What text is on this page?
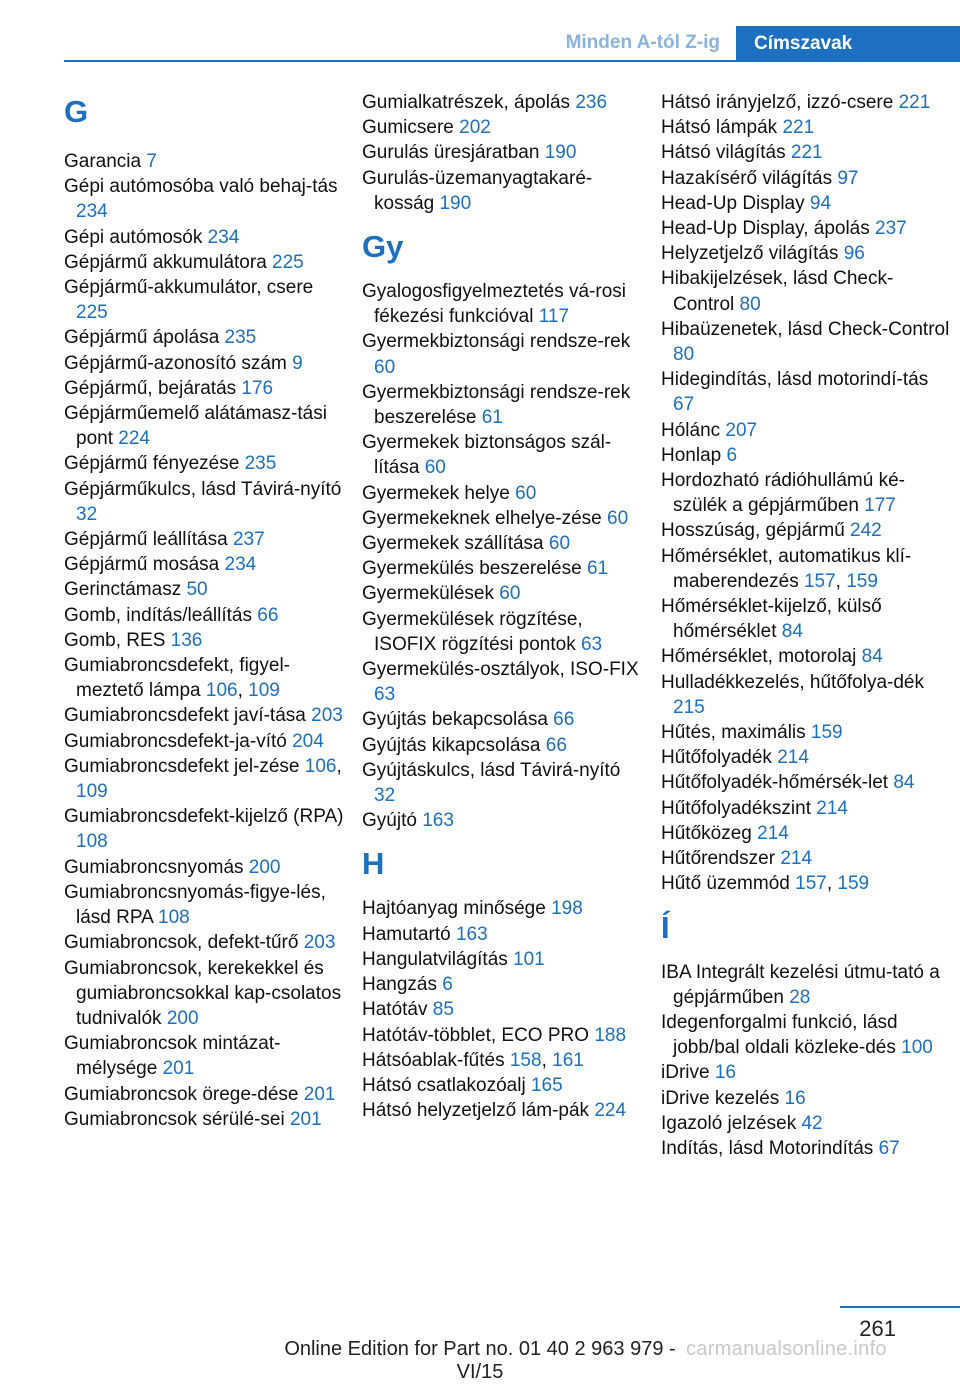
Minden A-tól Z-ig	Címszavak
G
Garancia 7
Gépi autómosóba való behaj-tás 234
Gépi autómosók 234
Gépjármű akkumulátora 225
Gépjármű-akkumulátor, csere 225
Gépjármű ápolása 235
Gépjármű-azonosító szám 9
Gépjármű, bejáratás 176
Gépjárműemelő alátámasz-tási pont 224
Gépjármű fényezése 235
Gépjárműkulcs, lásd Távirá-nyító 32
Gépjármű leállítása 237
Gépjármű mosása 234
Gerinctámasz 50
Gomb, indítás/leállítás 66
Gomb, RES 136
Gumiabroncsdefekt, figyel-meztető lámpa 106, 109
Gumiabroncsdefekt javí-tása 203
Gumiabroncsdefekt-ja-vító 204
Gumiabroncsdefekt jel-zése 106, 109
Gumiabroncsdefekt-kijelző (RPA) 108
Gumiabroncsnyomás 200
Gumiabroncsnyomás-figye-lés, lásd RPA 108
Gumiabroncsok, defekt-tűrő 203
Gumiabroncsok, kerekekkel és gumiabroncsokkal kap-csolatos tudnivalók 200
Gumiabroncsok mintázat-mélysége 201
Gumiabroncsok örege-dése 201
Gumiabroncsok sérülé-sei 201
Gumialkatrészek, ápolás 236
Gumicsere 202
Gurulás üresjáratban 190
Gurulás-üzemanyagtakaré-kosság 190
Gy
Gyalogosfigyelmeztetés vá-rosi fékezési funkcióval 117
Gyermekbiztonsági rendsze-rek 60
Gyermekbiztonsági rendsze-rek beszerelése 61
Gyermekek biztonságos szál-lítása 60
Gyermekek helye 60
Gyermekeknek elhelye-zése 60
Gyermekek szállítása 60
Gyermekülés beszerelése 61
Gyermekülések 60
Gyermekülések rögzítése, ISOFIX rögzítési pontok 63
Gyermekülés-osztályok, ISO-FIX 63
Gyújtás bekapcsolása 66
Gyújtás kikapcsolása 66
Gyújtáskulcs, lásd Távirá-nyító 32
Gyújtó 163
H
Hajtóanyag minősége 198
Hamutartó 163
Hangulatvilágítás 101
Hangzás 6
Hatótáv 85
Hatótáv-többlet, ECO PRO 188
Hátsóablak-fűtés 158, 161
Hátsó csatlakozóalj 165
Hátsó helyzetjelző lám-pák 224
Hátsó irányjelző, izzó-csere 221
Hátsó lámpák 221
Hátsó világítás 221
Hazakísérő világítás 97
Head-Up Display 94
Head-Up Display, ápolás 237
Helyzetjelző világítás 96
Hibakijelzések, lásd Check-Control 80
Hibaüzenetek, lásd Check-Control 80
Hidegindítás, lásd motorindí-tás 67
Hólánc 207
Honlap 6
Hordozható rádióhullámú ké-szülék a gépjárműben 177
Hosszúság, gépjármű 242
Hőmérséklet, automatikus klí-maberendezés 157, 159
Hőmérséklet-kijelző, külső hőmérséklet 84
Hőmérséklet, motorolaj 84
Hulladékkezelés, hűtőfolya-dék 215
Hűtés, maximális 159
Hűtőfolyadék 214
Hűtőfolyadék-hőmérsék-let 84
Hűtőfolyadékszint 214
Hűtőközeg 214
Hűtőrendszer 214
Hűtő üzemmód 157, 159
Í
IBA Integrált kezelési útmu-tató a gépjárműben 28
Idegenforgalmi funkció, lásd jobb/bal oldali közleke-dés 100
iDrive 16
iDrive kezelés 16
Igazoló jelzések 42
Indítás, lásd Motorindítás 67
261
Online Edition for Part no. 01 40 2 963 979 - VI/15
carmanualsonline.info
